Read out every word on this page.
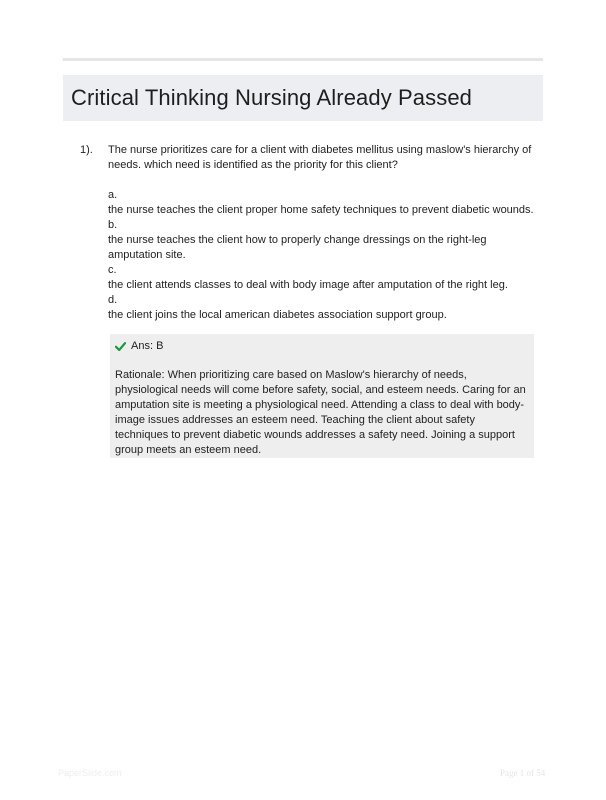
Critical Thinking Nursing Already Passed
1). The nurse prioritizes care for a client with diabetes mellitus using maslow's hierarchy of needs. which need is identified as the priority for this client?

a.
the nurse teaches the client proper home safety techniques to prevent diabetic wounds.
b.
the nurse teaches the client how to properly change dressings on the right-leg amputation site.
c.
the client attends classes to deal with body image after amputation of the right leg.
d.
the client joins the local american diabetes association support group.
Ans: B
Rationale: When prioritizing care based on Maslow's hierarchy of needs, physiological needs will come before safety, social, and esteem needs. Caring for an amputation site is meeting a physiological need. Attending a class to deal with body-image issues addresses an esteem need. Teaching the client about safety techniques to prevent diabetic wounds addresses a safety need. Joining a support group meets an esteem need.
PaperSlide.com	Page 1 of 54
